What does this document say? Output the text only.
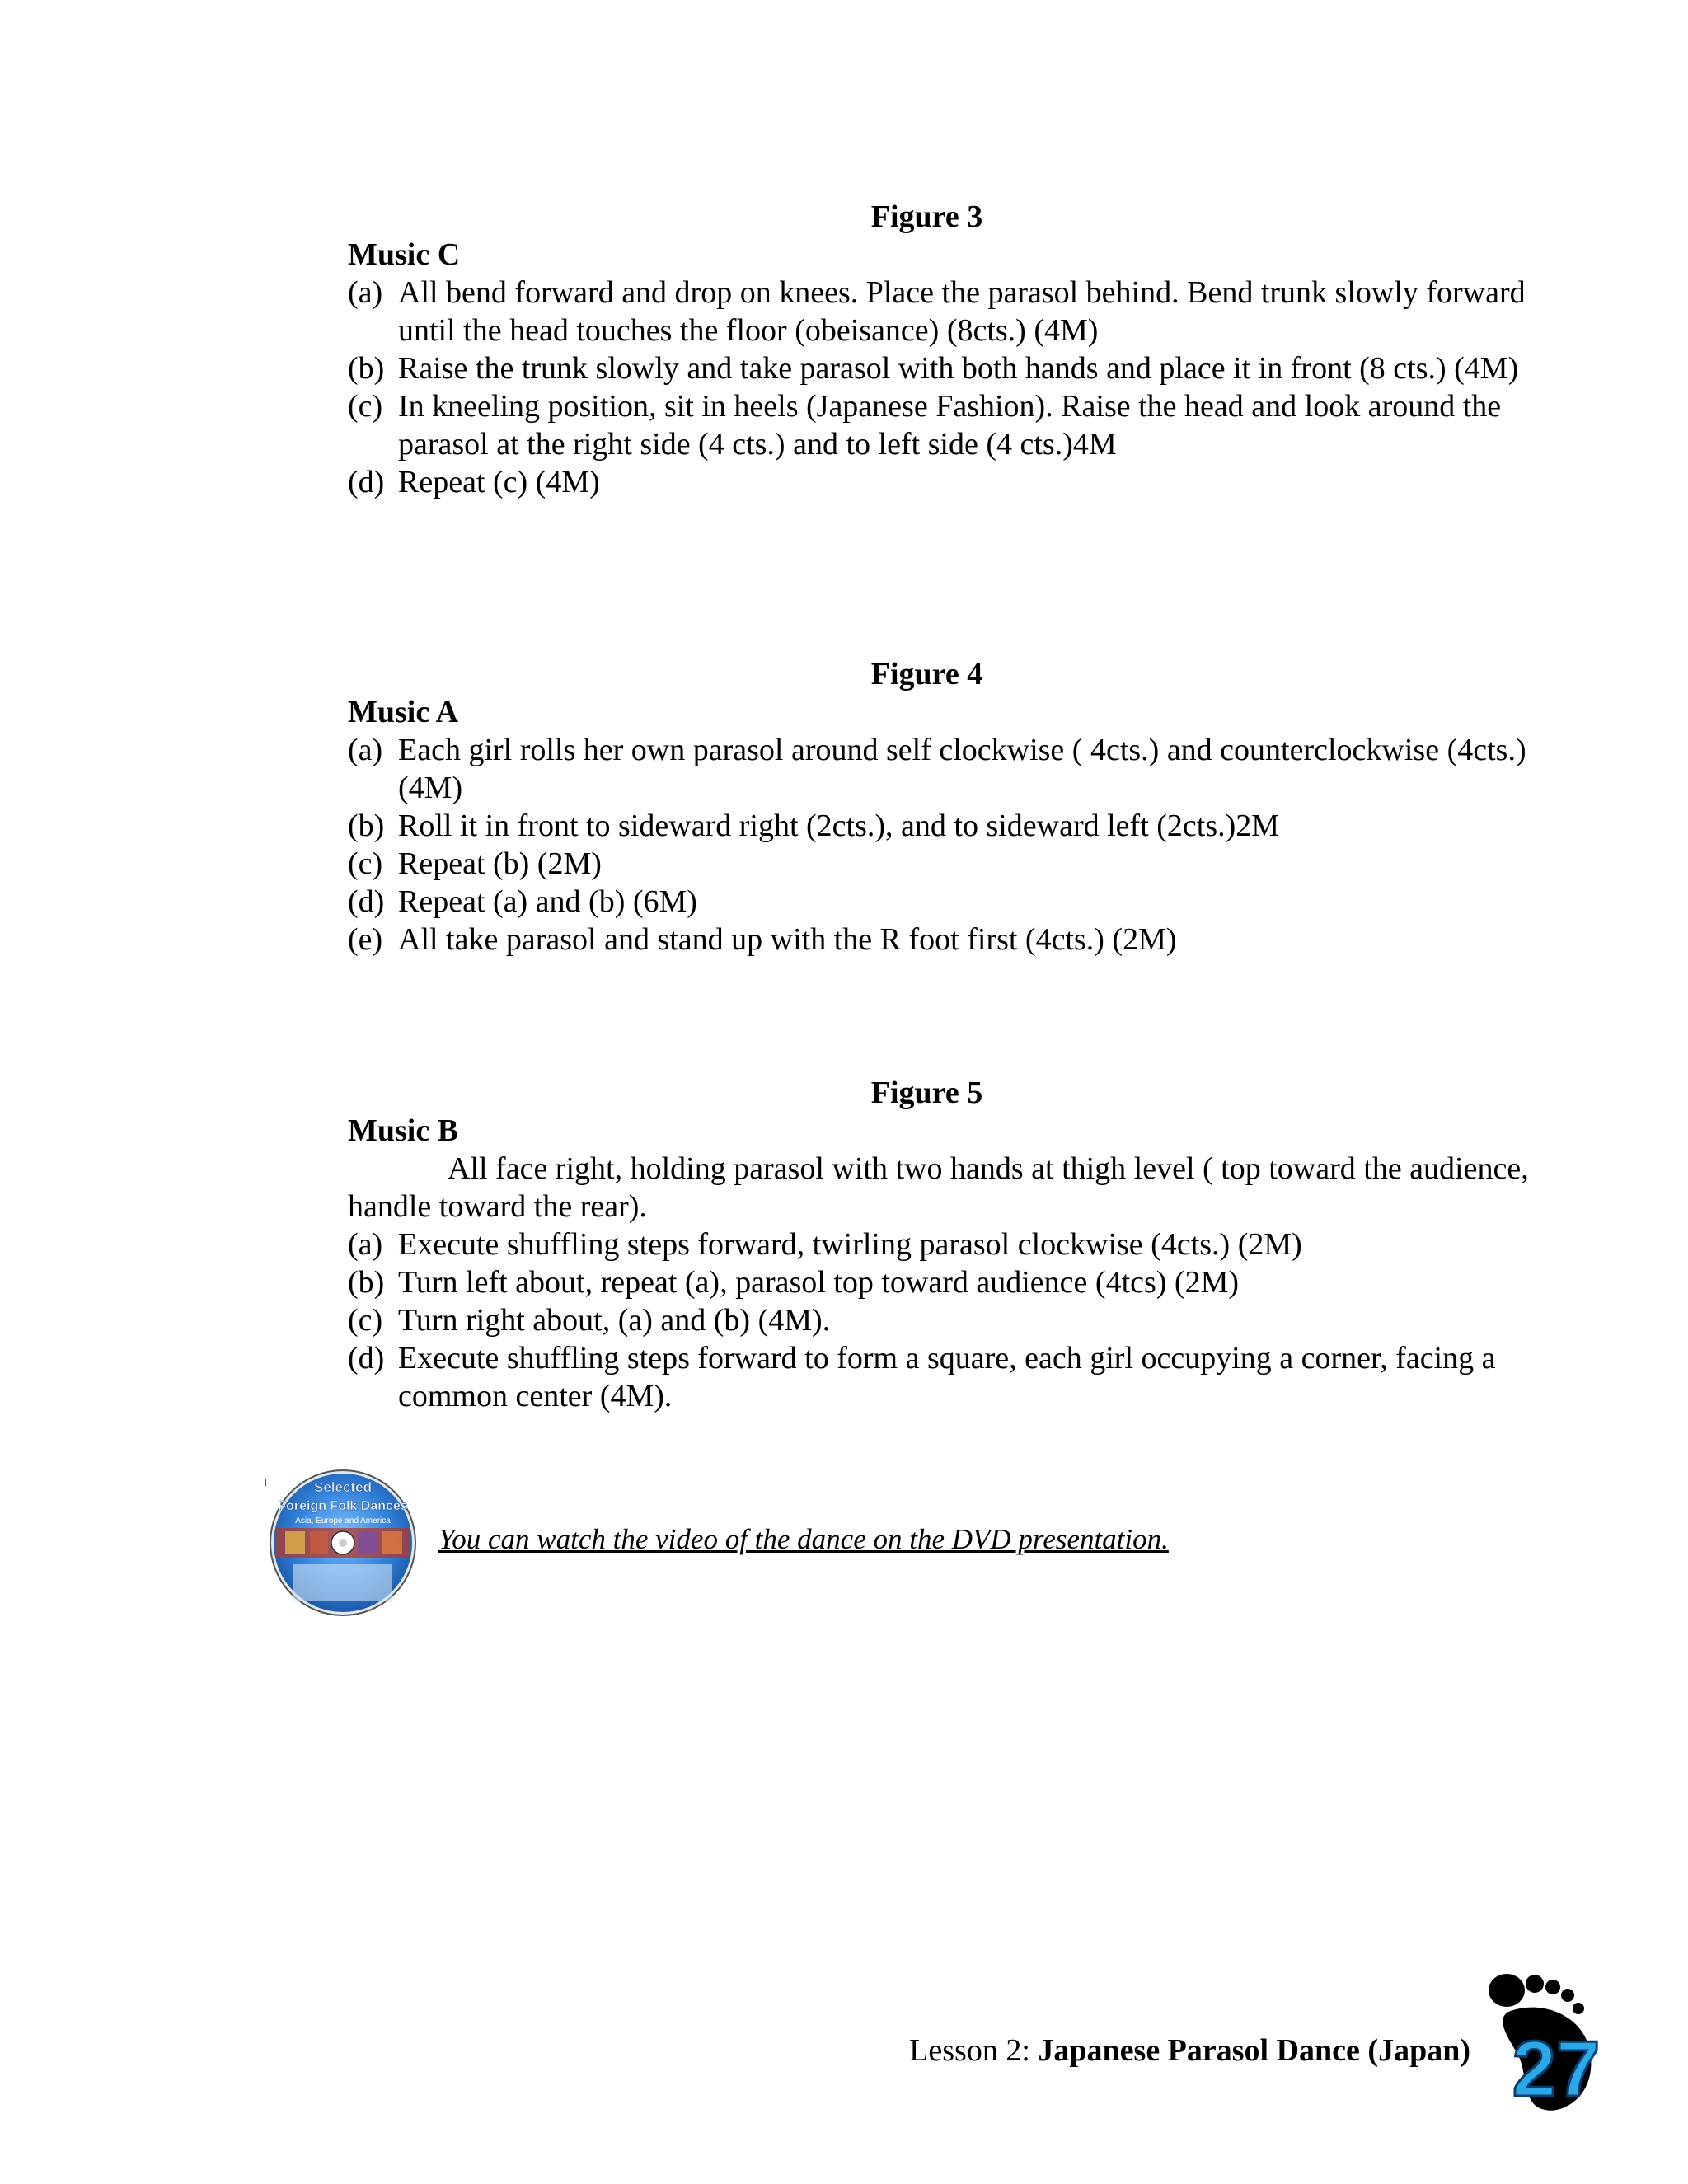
Figure 3
Music C
(a) All bend forward and drop on knees. Place the parasol behind. Bend trunk slowly forward until the head touches the floor (obeisance) (8cts.) (4M)
(b) Raise the trunk slowly and take parasol with both hands and place it in front (8 cts.) (4M)
(c) In kneeling position, sit in heels (Japanese Fashion). Raise the head and look around the parasol at the right side (4 cts.) and to left side (4 cts.)4M
(d) Repeat (c) (4M)
Figure 4
Music A
(a) Each girl rolls her own parasol around self clockwise ( 4cts.) and counterclockwise (4cts.) (4M)
(b) Roll it in front to sideward right (2cts.), and to sideward left (2cts.)2M
(c) Repeat (b) (2M)
(d) Repeat (a) and (b) (6M)
(e) All take parasol and stand up with the R foot first (4cts.) (2M)
Figure 5
Music B
All face right, holding parasol with two hands at thigh level ( top toward the audience, handle toward the rear).
(a) Execute shuffling steps forward, twirling parasol clockwise (4cts.) (2M)
(b) Turn left about, repeat (a), parasol top toward audience (4tcs) (2M)
(c) Turn right about, (a) and (b) (4M).
(d) Execute shuffling steps forward to form a square, each girl occupying a corner, facing a common center (4M).
Selected
Foreign Folk Dances
Asia, Europe and America
You can watch the video of the dance on the DVD presentation.
Lesson 2: Japanese Parasol Dance (Japan) 27
